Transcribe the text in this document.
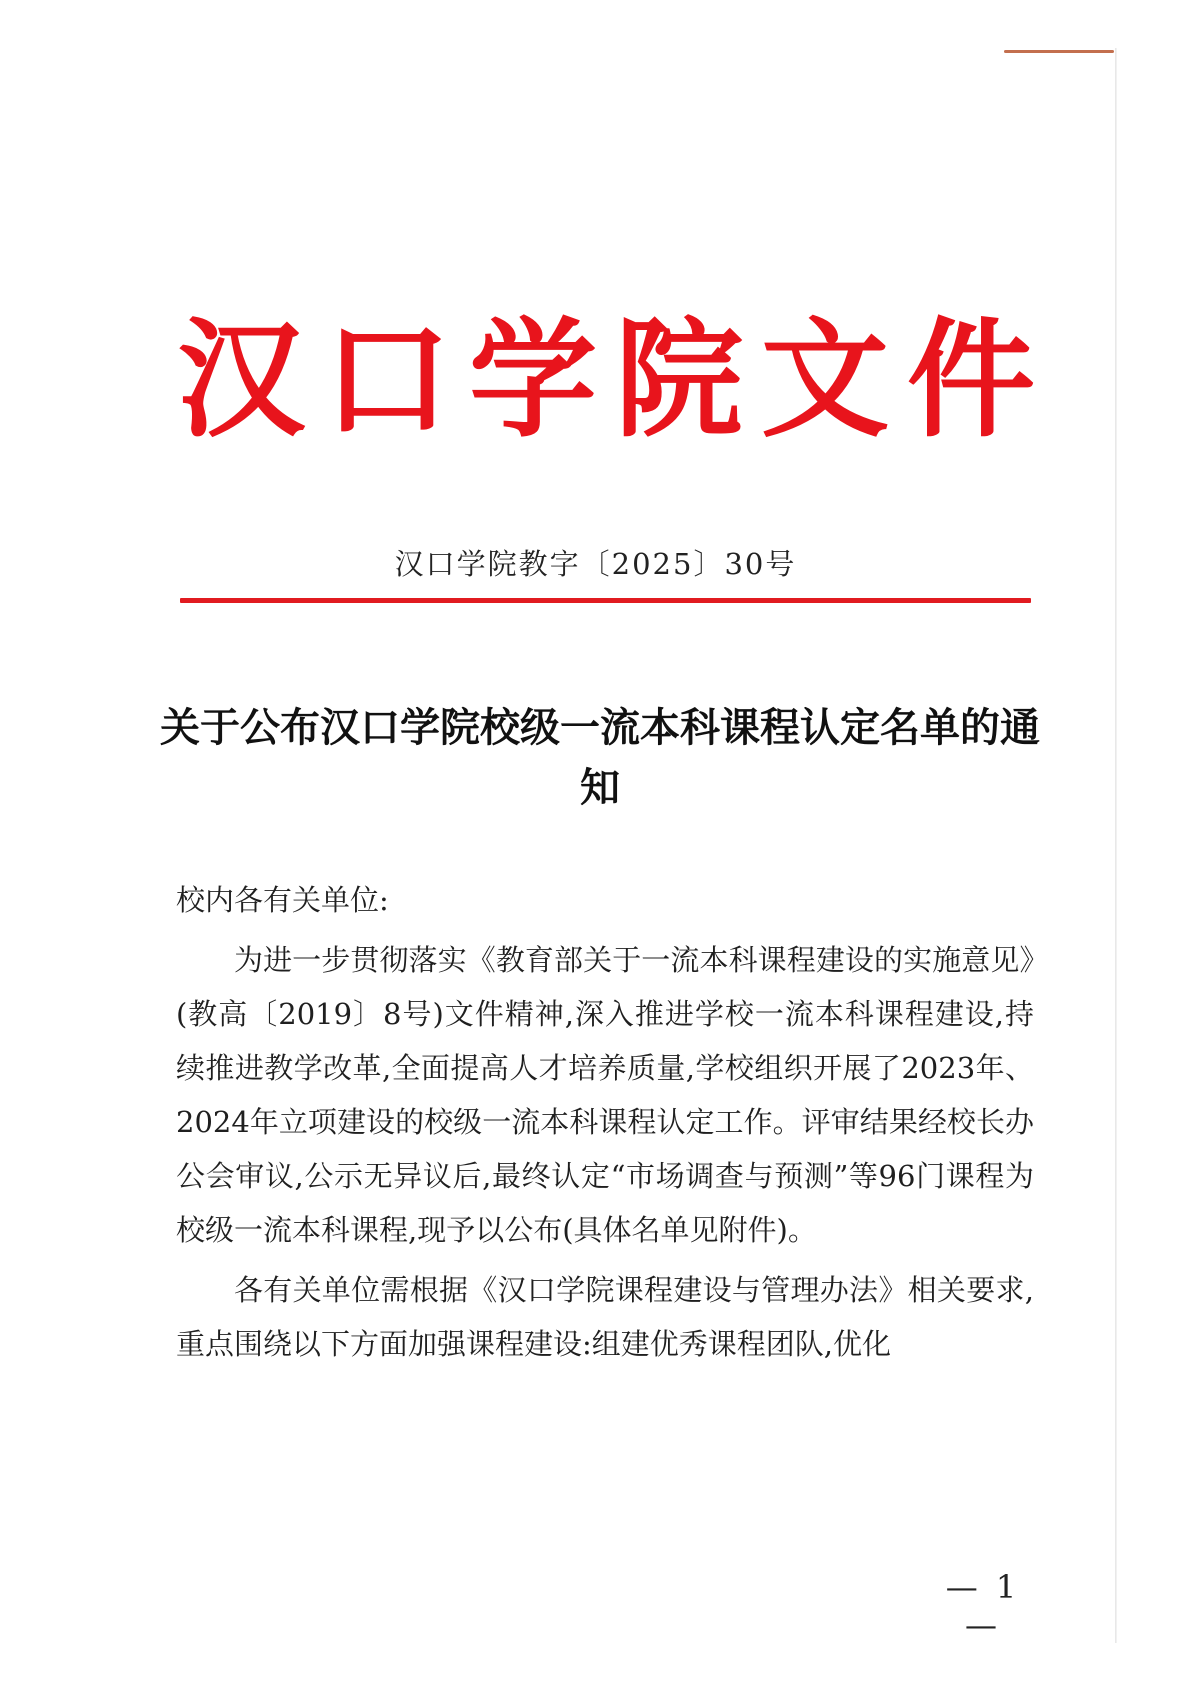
汉 口 学 院 文 件
汉口学院教字〔2025〕30号
关于公布汉口学院校级一流本科课程认定名单的通知

校内各有关单位:

为进一步贯彻落实《教育部关于一流本科课程建设的实施意见》(教高〔2019〕8号)文件精神,深入推进学校一流本科课程建设,持续推进教学改革,全面提高人才培养质量,学校组织开展了2023年、2024年立项建设的校级一流本科课程认定工作。评审结果经校长办公会审议,公示无异议后,最终认定“市场调查与预测”等96门课程为校级一流本科课程,现予以公布(具体名单见附件)。

各有关单位需根据《汉口学院课程建设与管理办法》相关要求,重点围绕以下方面加强课程建设:组建优秀课程团队,优化

— 1 —
